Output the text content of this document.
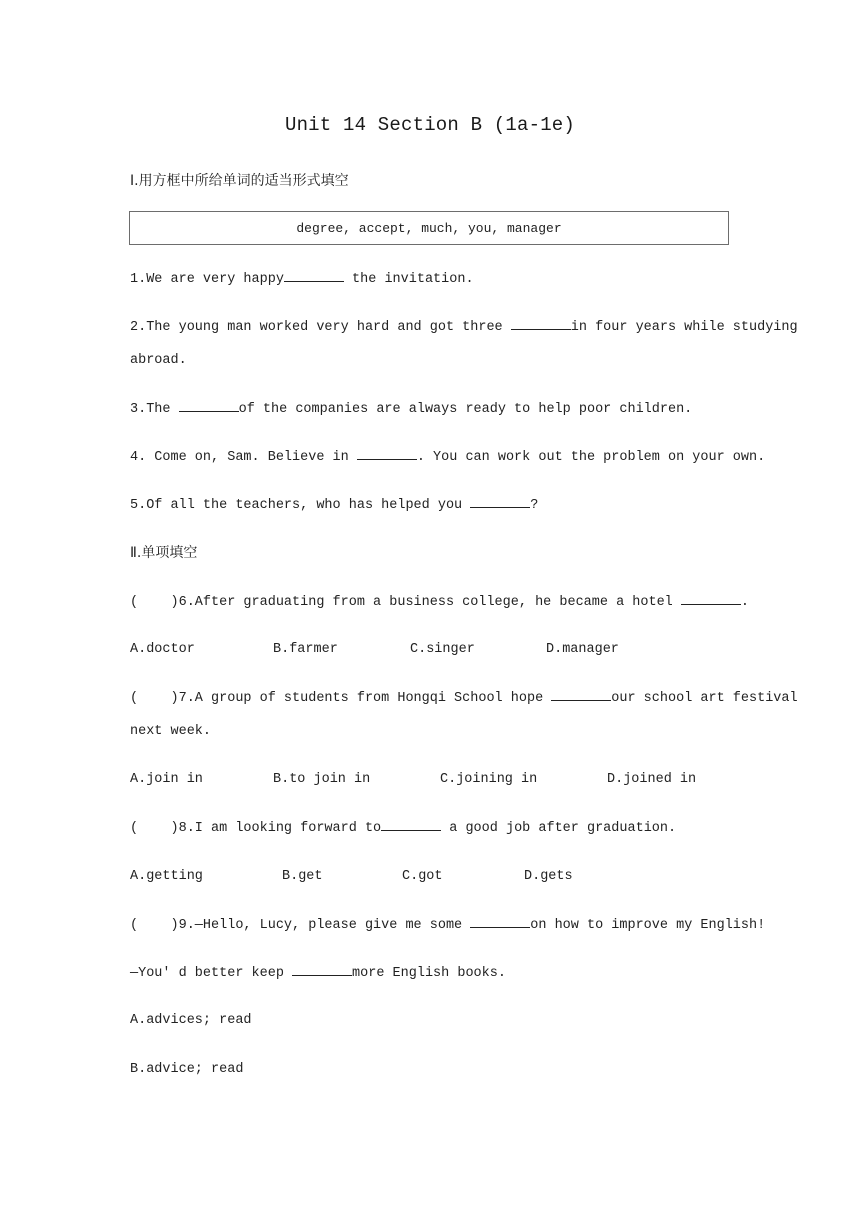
Unit 14 Section B (1a-1e)
Ⅰ.用方框中所给单词的适当形式填空
degree, accept, much, you, manager
1.We are very happy	the invitation.
2.The young man worked very hard and got three	in four years while studying
abroad.
3.The	of the companies are always ready to help poor children.
4. Come on, Sam. Believe in	. You can work out the problem on your own.
5.Of all the teachers, who has helped you	?
Ⅱ.单项填空
(    )6.After graduating from a business college, he became a hotel	.
A.doctor	B.farmer	C.singer	D.manager
(    )7.A group of students from Hongqi School hope	our school art festival
next week.
A.join in	B.to join in	C.joining in	D.joined in
(    )8.I am looking forward to	a good job after graduation.
A.getting	B.get	C.got	D.gets
(    )9.—Hello, Lucy, please give me some	on how to improve my English!
—You' d better keep	more English books.
A.advices; read
B.advice; read
